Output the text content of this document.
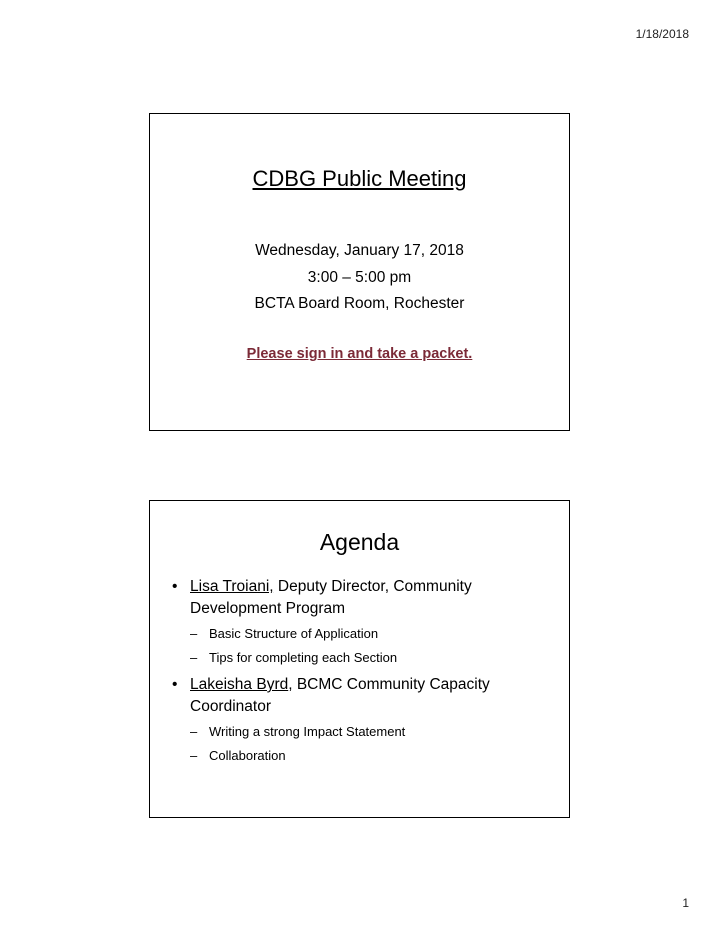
1/18/2018
CDBG Public Meeting
Wednesday, January 17, 2018
3:00 – 5:00 pm
BCTA Board Room, Rochester
Please sign in and take a packet.
Agenda
• Lisa Troiani, Deputy Director, Community Development Program
– Basic Structure of Application
– Tips for completing each Section
• Lakeisha Byrd, BCMC Community Capacity Coordinator
– Writing a strong Impact Statement
– Collaboration
1
